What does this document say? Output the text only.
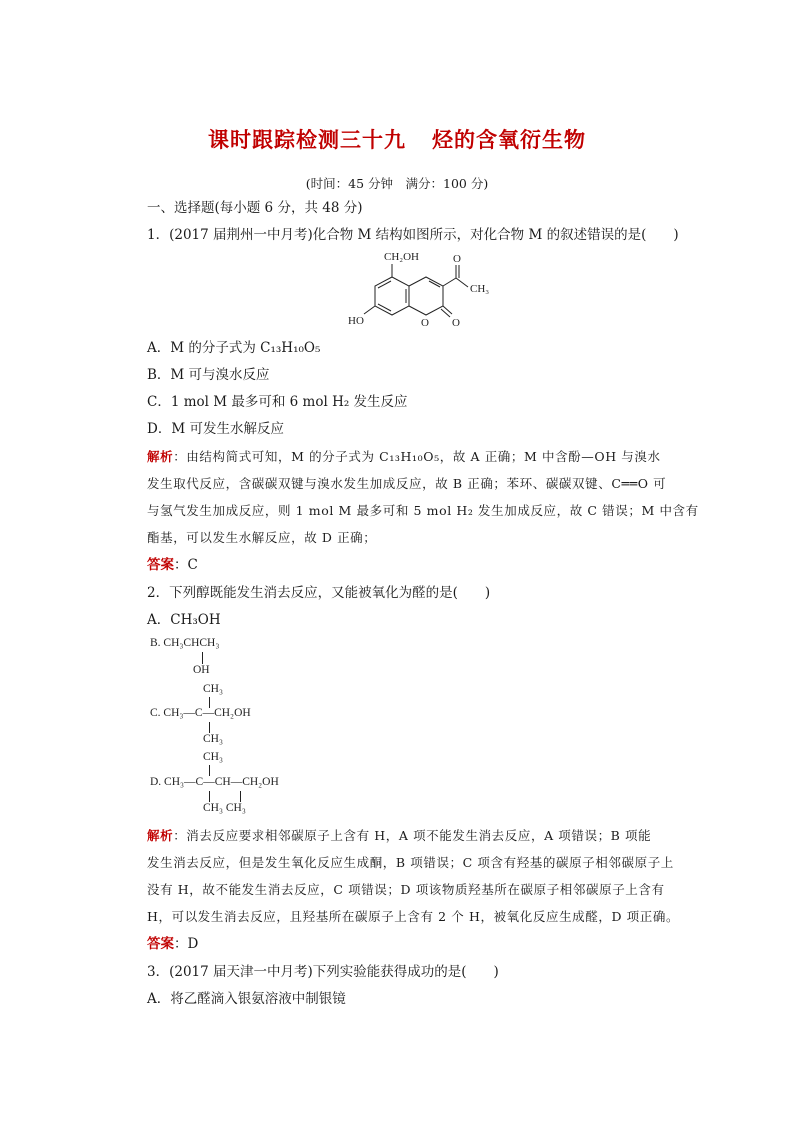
课时跟踪检测三十九 烃的含氧衍生物
(时间：45 分钟　满分：100 分)
一、选择题(每小题 6 分，共 48 分)
1．(2017 届荆州一中月考)化合物 M 结构如图所示，对化合物 M 的叙述错误的是(　　)
CH₂OH
HO	O O
O
CH₃
A．M 的分子式为 C₁₃H₁₀O₅
B．M 可与溴水反应
C．1 mol M 最多可和 6 mol H₂ 发生反应
D．M 可发生水解反应
解析：由结构简式可知，M 的分子式为 C₁₃H₁₀O₅，故 A 正确；M 中含酚—OH 与溴水
发生取代反应，含碳碳双键与溴水发生加成反应，故 B 正确；苯环、碳碳双键、C══O 可
与氢气发生加成反应，则 1 mol M 最多可和 5 mol H₂ 发生加成反应，故 C 错误；M 中含有
酯基，可以发生水解反应，故 D 正确；
答案：C
2．下列醇既能发生消去反应，又能被氧化为醛的是(　　)
A．CH₃OH
B. CH₃CHCH₃
OH
CH₃
C. CH₃—C—CH₂OH
CH₃
CH₃
D. CH₃—C—CH—CH₂OH
CH₃ CH₃
解析：消去反应要求相邻碳原子上含有 H，A 项不能发生消去反应，A 项错误；B 项能
发生消去反应，但是发生氧化反应生成酮，B 项错误；C 项含有羟基的碳原子相邻碳原子上
没有 H，故不能发生消去反应，C 项错误；D 项该物质羟基所在碳原子相邻碳原子上含有
H，可以发生消去反应，且羟基所在碳原子上含有 2 个 H，被氧化反应生成醛，D 项正确。
答案：D
3．(2017 届天津一中月考)下列实验能获得成功的是(　　)
A．将乙醛滴入银氨溶液中制银镜
